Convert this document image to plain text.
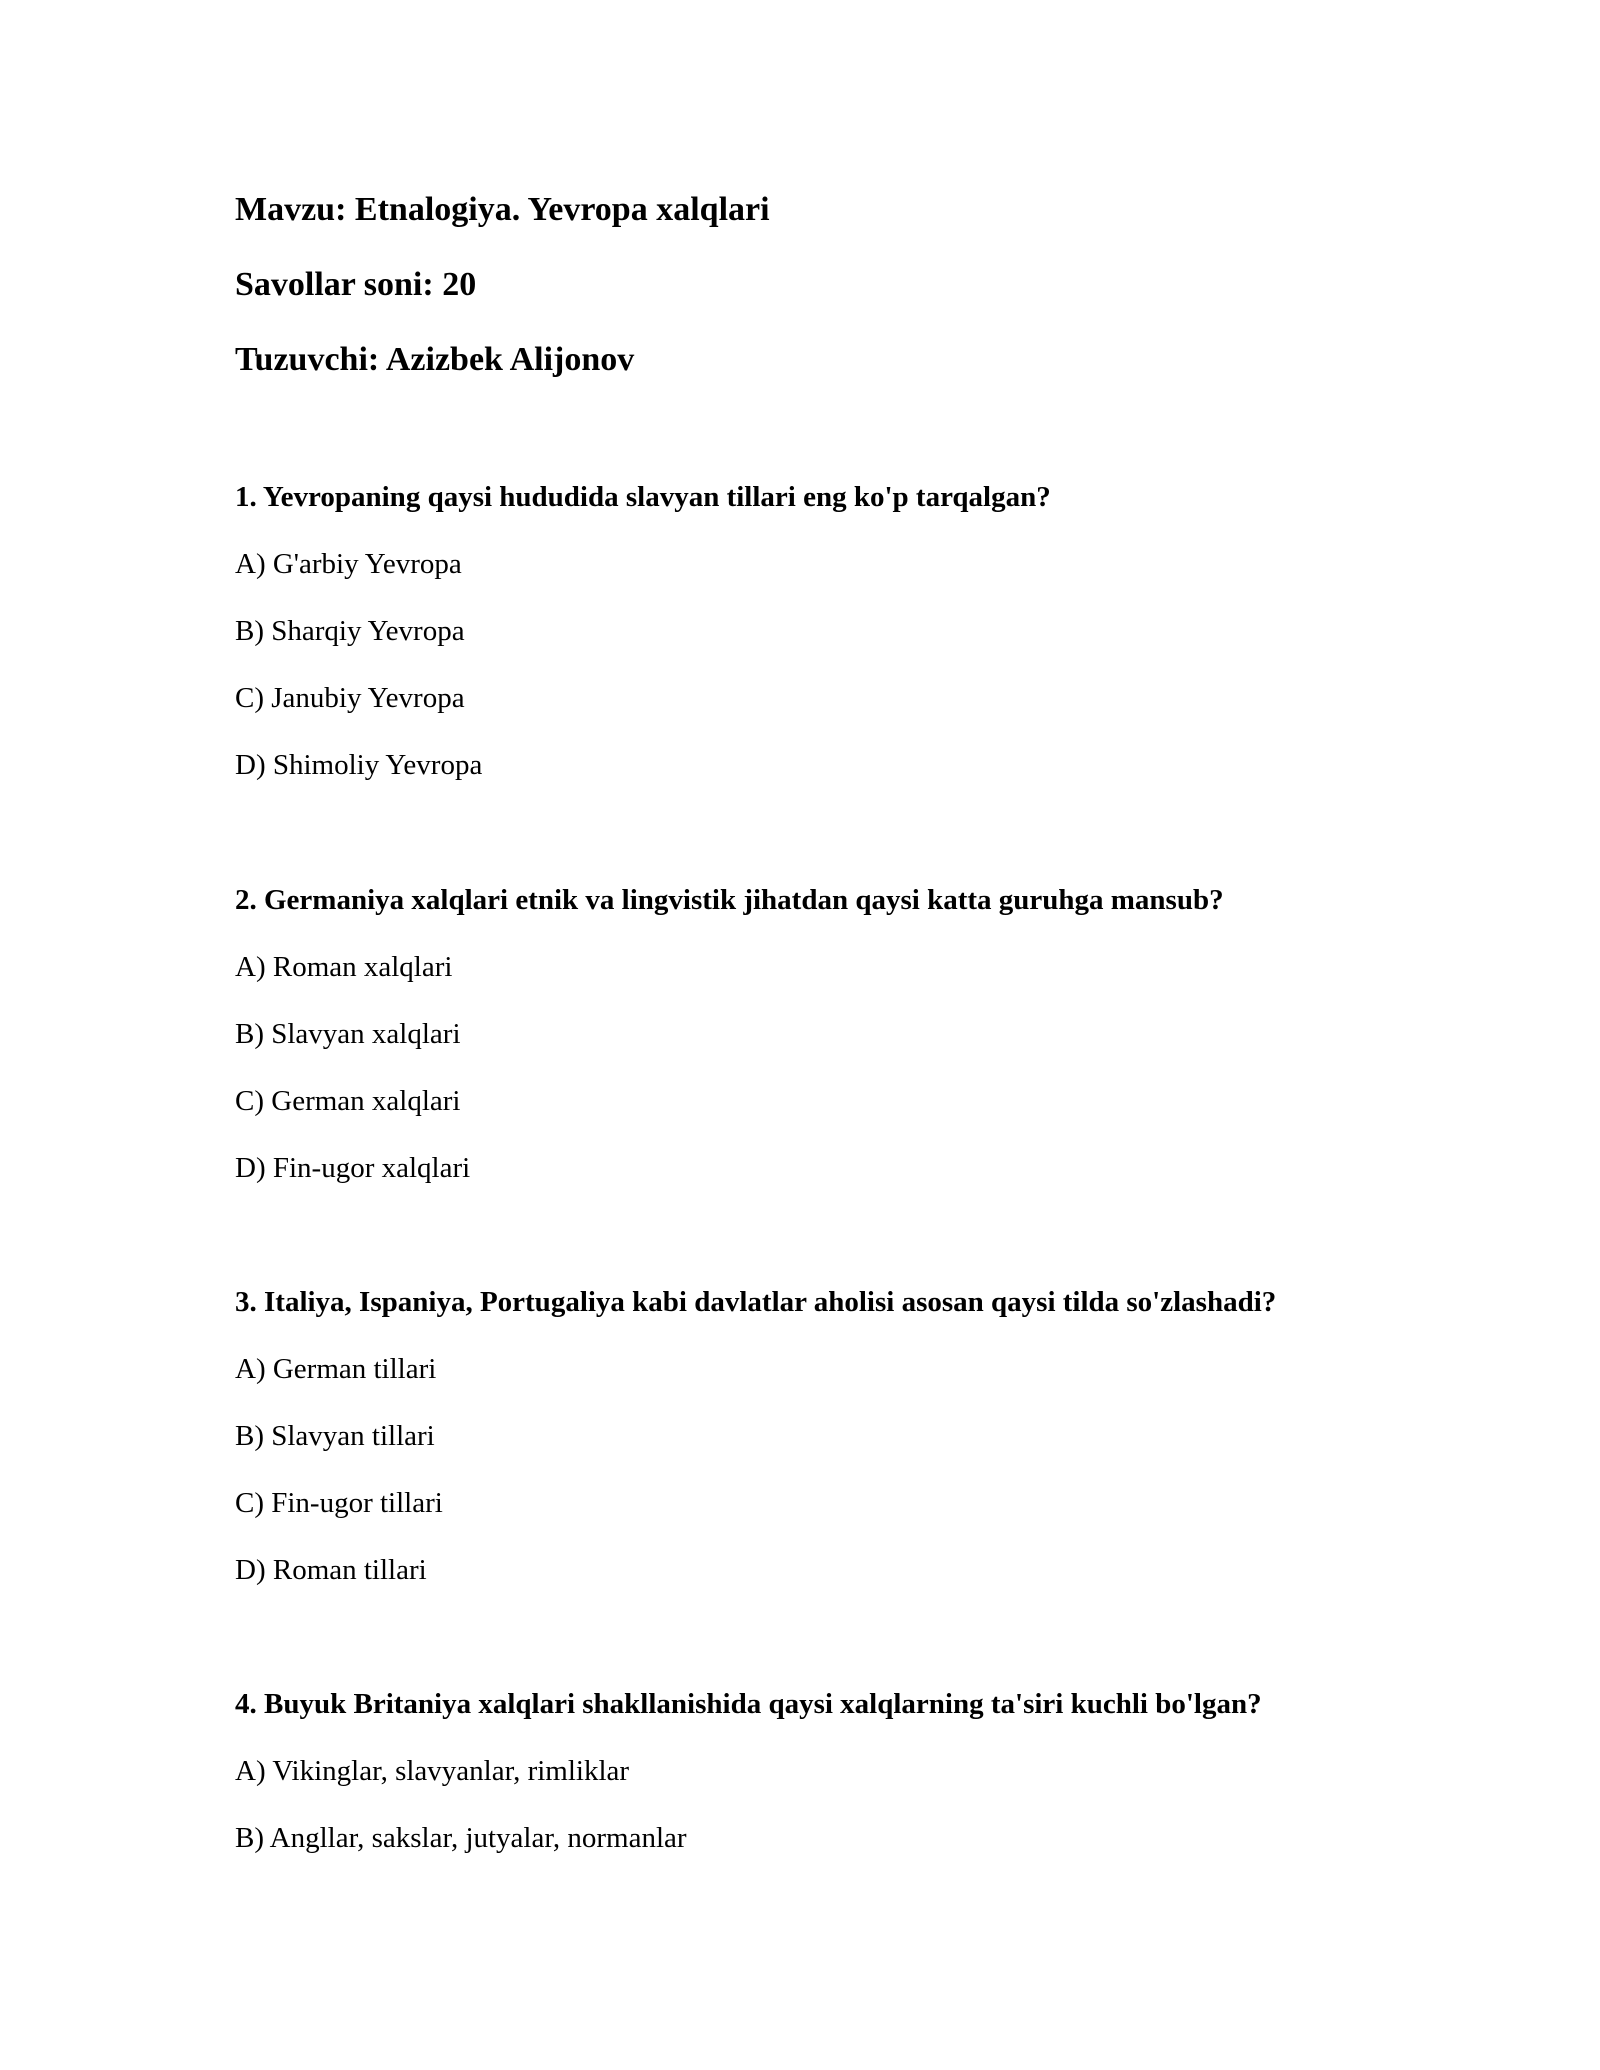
Mavzu: Etnalogiya. Yevropa xalqlari
Savollar soni: 20
Tuzuvchi: Azizbek Alijonov
1. Yevropaning qaysi hududida slavyan tillari eng ko'p tarqalgan?
A) G'arbiy Yevropa
B) Sharqiy Yevropa
C) Janubiy Yevropa
D) Shimoliy Yevropa
2. Germaniya xalqlari etnik va lingvistik jihatdan qaysi katta guruhga mansub?
A) Roman xalqlari
B) Slavyan xalqlari
C) German xalqlari
D) Fin-ugor xalqlari
3. Italiya, Ispaniya, Portugaliya kabi davlatlar aholisi asosan qaysi tilda so'zlashadi?
A) German tillari
B) Slavyan tillari
C) Fin-ugor tillari
D) Roman tillari
4. Buyuk Britaniya xalqlari shakllanishida qaysi xalqlarning ta'siri kuchli bo'lgan?
A) Vikinglar, slavyanlar, rimliklar
B) Angllar, sakslar, jutyalar, normanlar
